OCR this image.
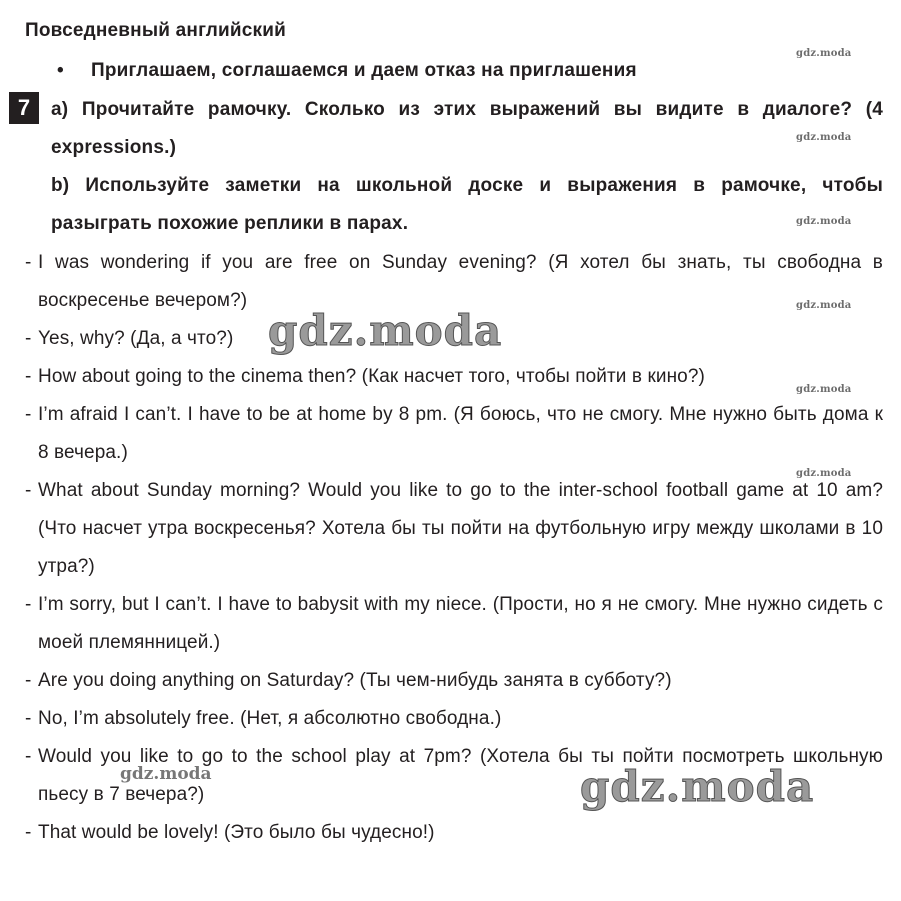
Повседневный английский
• Приглашаем, соглашаемся и даем отказ на приглашения
7	a) Прочитайте рамочку. Сколько из этих выражений вы видите в диалоге? (4 expressions.)
b) Используйте заметки на школьной доске и выражения в рамочке, чтобы разыграть похожие реплики в парах.
- I was wondering if you are free on Sunday evening? (Я хотел бы знать, ты свободна в воскресенье вечером?)
- Yes, why? (Да, а что?)
- How about going to the cinema then? (Как насчет того, чтобы пойти в кино?)
- I’m afraid I can’t. I have to be at home by 8 pm. (Я боюсь, что не смогу. Мне нужно быть дома к 8 вечера.)
- What about Sunday morning? Would you like to go to the inter-school football game at 10 am? (Что насчет утра воскресенья? Хотела бы ты пойти на футбольную игру между школами в 10 утра?)
- I’m sorry, but I can’t. I have to babysit with my niece. (Прости, но я не смогу. Мне нужно сидеть с моей племянницей.)
- Are you doing anything on Saturday? (Ты чем-нибудь занята в субботу?)
- No, I’m absolutely free. (Нет, я абсолютно свободна.)
- Would you like to go to the school play at 7pm? (Хотела бы ты пойти посмотреть школьную пьесу в 7 вечера?)
- That would be lovely! (Это было бы чудесно!)
gdz.moda
gdz.moda
gdz.moda
gdz.moda
gdz.moda
gdz.moda
gdz.moda
gdz.moda
gdz.moda
